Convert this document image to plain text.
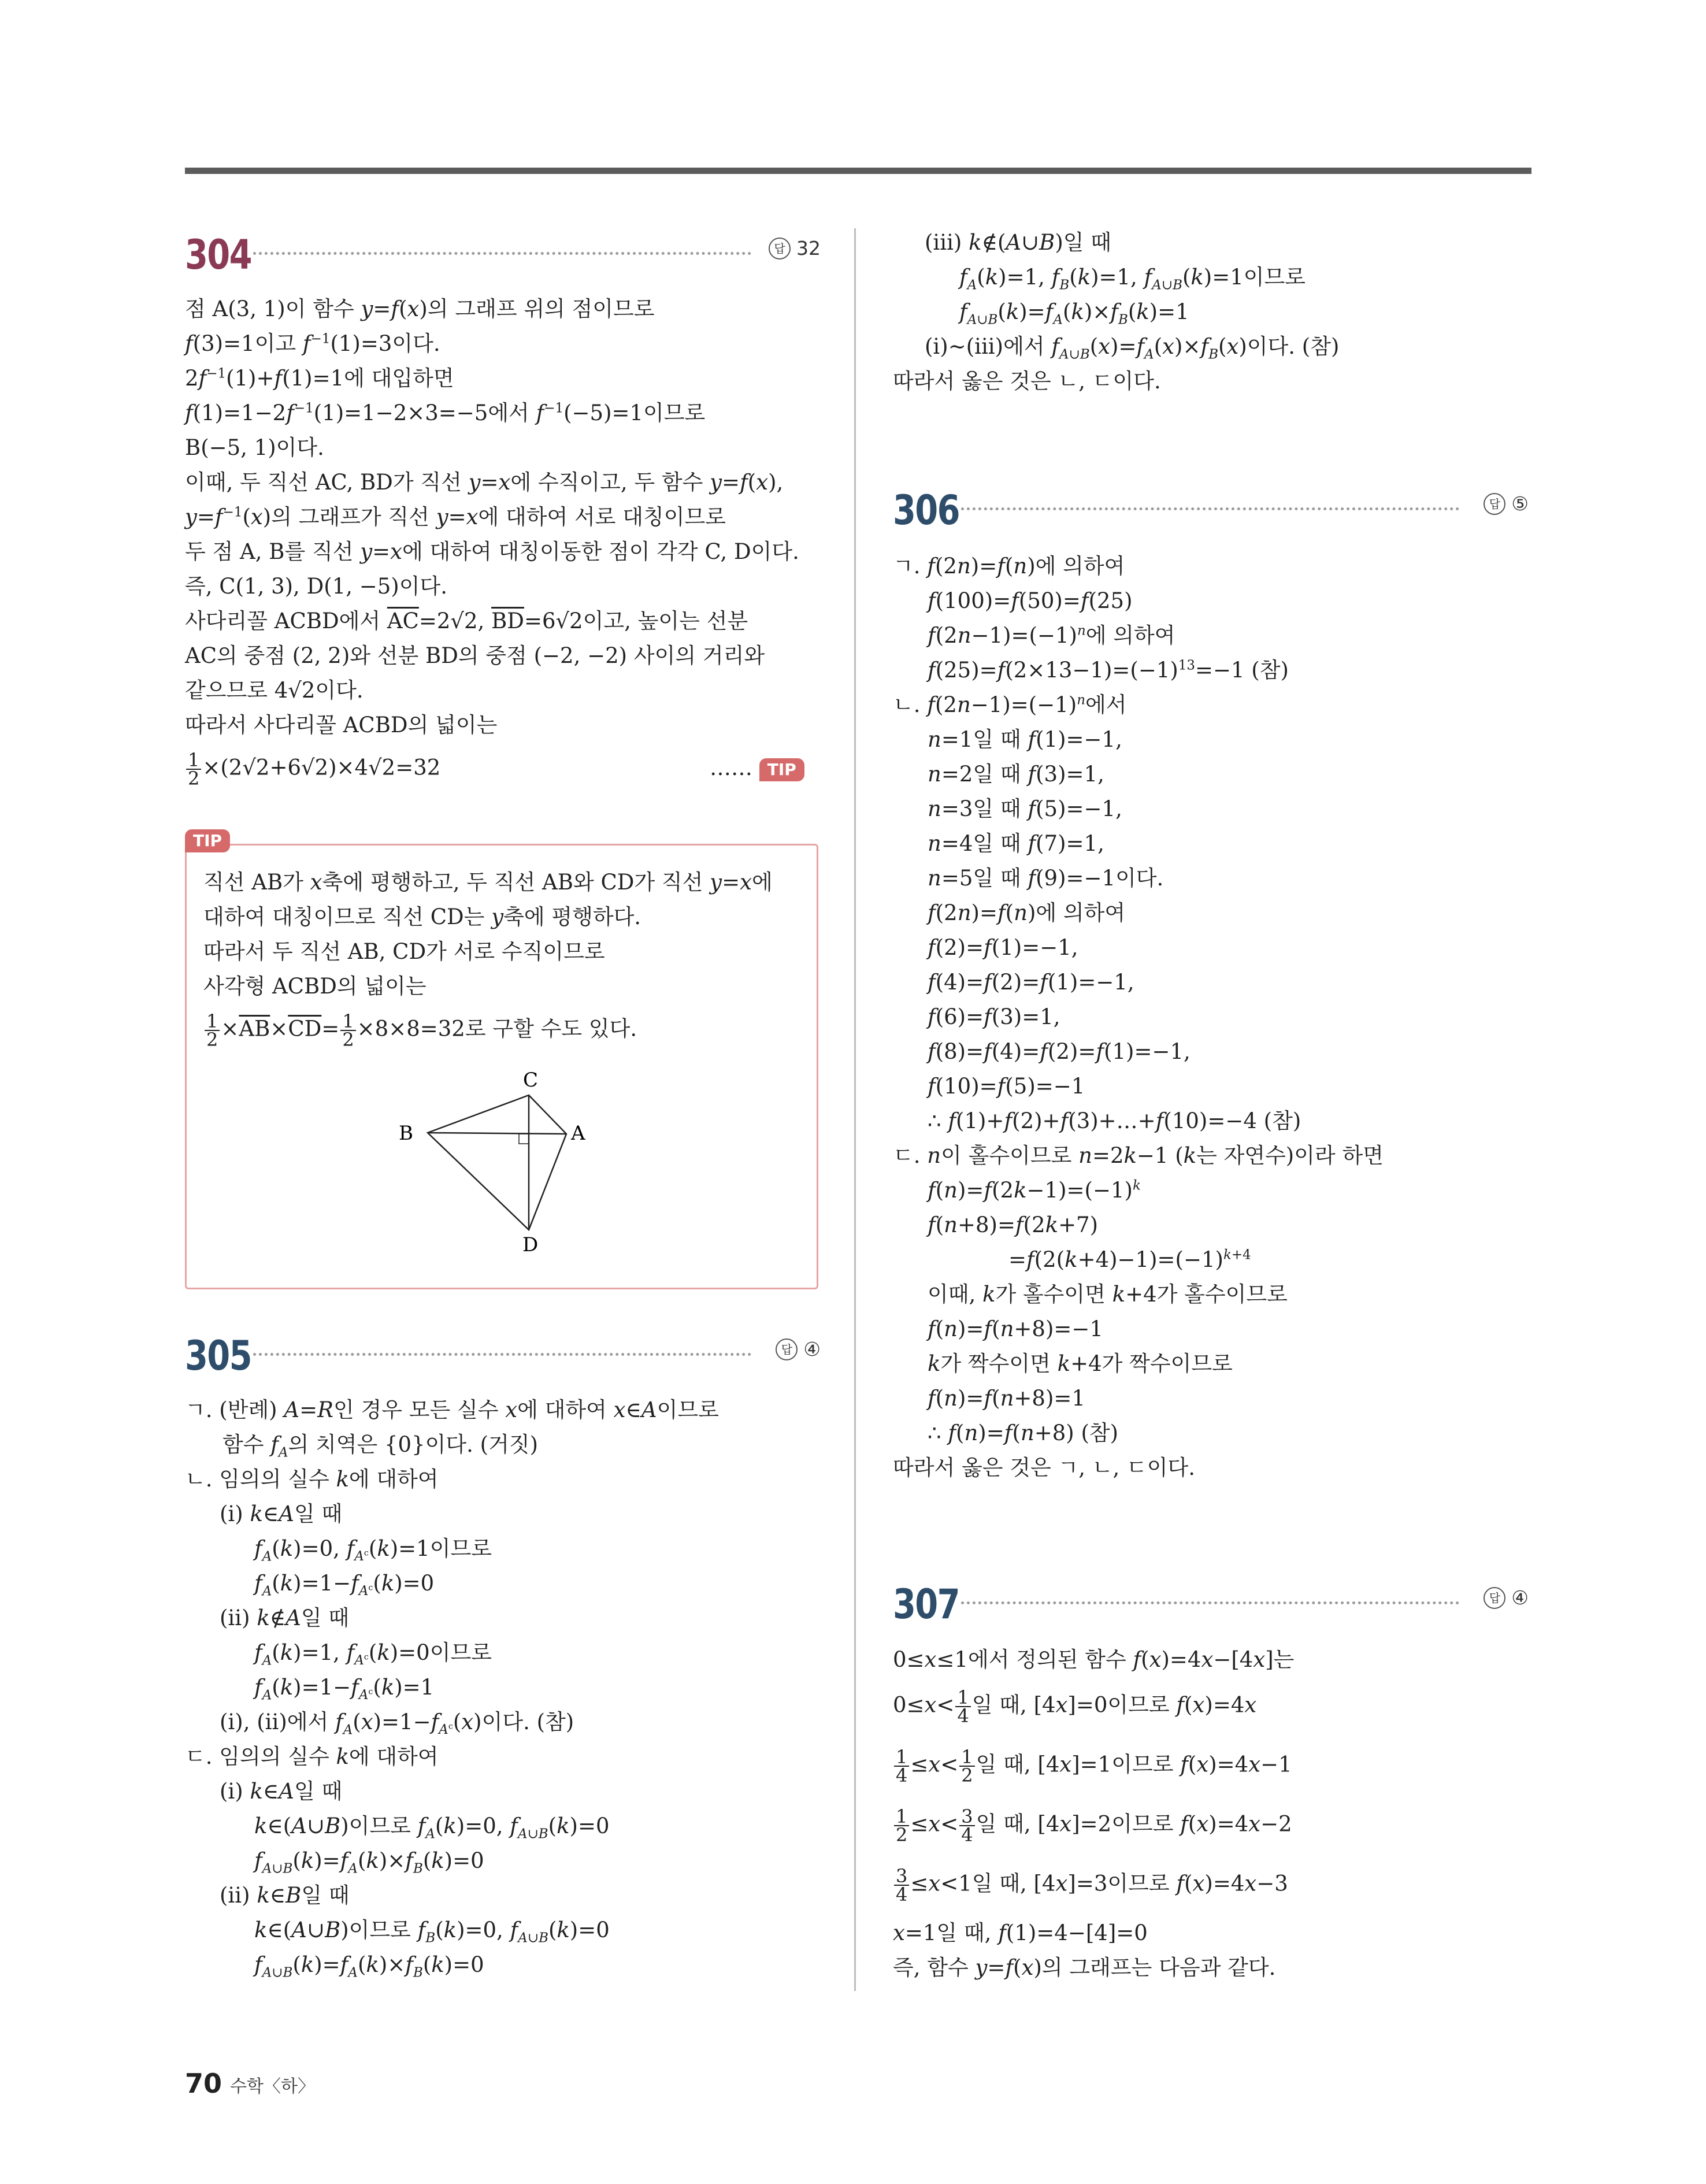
304	답 32
점 A(3, 1)이 함수 y=f(x)의 그래프 위의 점이므로
f(3)=1이고 $f^{-1}(1)=3$이다.
$2f^{-1}(1)+f(1)=1$에 대입하면
$f(1)=1-2f^{-1}(1)=1-2\times 3=-5$에서 $f^{-1}(-5)=1$이므로
B(−5, 1)이다.
이때, 두 직선 AC, BD가 직선 y=x에 수직이고, 두 함수 y=f(x),
$y=f^{-1}(x)$의 그래프가 직선 y=x에 대하여 서로 대칭이므로
두 점 A, B를 직선 y=x에 대하여 대칭이동한 점이 각각 C, D이다.
즉, C(1, 3), D(1, −5)이다.
사다리꼴 ACBD에서 $\overline{AC}=2√2$, $\overline{BD}=6√2$이고, 높이는 선분
AC의 중점 (2, 2)와 선분 BD의 중점 (−2, −2) 사이의 거리와
같으므로 4√2이다.
따라서 사다리꼴 ACBD의 넓이는
$\frac{1}{2} \times(2√2+6√2)\times 4√2=32$	…… TIP
TIP
직선 AB가 x축에 평행하고, 두 직선 AB와 CD가 직선 y=x에
대하여 대칭이므로 직선 CD는 y축에 평행하다.
따라서 두 직선 AB, CD가 서로 수직이므로
사각형 ACBD의 넓이는
$\frac{1}{2} \times\overline{AB}\times\overline{CD}= \frac{1}{2} \times 8\times 8=32$로 구할 수도 있다.
C
B	A
D
305	답 ④
ㄱ. (반례) A=R인 경우 모든 실수 x에 대하여 x∈A이므로
함수 $f_A$의 치역은 {0}이다. (거짓)
ㄴ. 임의의 실수 k에 대하여
(i) k∈A일 때
$f_A(k)=0$, $f_{A^c}(k)=1$이므로
$f_A(k)=1-f_{A^c}(k)=0$
(ii) k∉A일 때
$f_A(k)=1$, $f_{A^c}(k)=0$이므로
$f_A(k)=1-f_{A^c}(k)=1$
(i), (ii)에서 $f_A(x)=1-f_{A^c}(x)$이다. (참)
ㄷ. 임의의 실수 k에 대하여
(i) k∈A일 때
k∈(A∪B)이므로 $f_A(k)=0$, $f_{A\cup B}(k)=0$
$f_{A\cup B}(k)=f_A(k)\times f_B(k)=0$
(ii) k∈B일 때
k∈(A∪B)이므로 $f_B(k)=0$, $f_{A\cup B}(k)=0$
$f_{A\cup B}(k)=f_A(k)\times f_B(k)=0$
(iii) k∉(A∪B)일 때
$f_A(k)=1$, $f_B(k)=1$, $f_{A\cup B}(k)=1$이므로
$f_{A\cup B}(k)=f_A(k)\times f_B(k)=1$
(i)~(iii)에서 $f_{A\cup B}(x)=f_A(x)\times f_B(x)$이다. (참)
따라서 옳은 것은 ㄴ, ㄷ이다.
306	답 ⑤
ㄱ. f(2n)=f(n)에 의하여
f(100)=f(50)=f(25)
$f(2n-1)=(-1)^n$에 의하여
$f(25)=f(2\times 13-1)=(-1)^{13}=-1$ (참)
ㄴ. $f(2n-1)=(-1)^n$에서
n=1일 때 f(1)=−1,
n=2일 때 f(3)=1,
n=3일 때 f(5)=−1,
n=4일 때 f(7)=1,
n=5일 때 f(9)=−1이다.
f(2n)=f(n)에 의하여
f(2)=f(1)=−1,
f(4)=f(2)=f(1)=−1,
f(6)=f(3)=1,
f(8)=f(4)=f(2)=f(1)=−1,
f(10)=f(5)=−1
∴ f(1)+f(2)+f(3)+…+f(10)=−4 (참)
ㄷ. n이 홀수이므로 n=2k−1 (k는 자연수)이라 하면
$f(n)=f(2k-1)=(-1)^k$
f(n+8)=f(2k+7)
$=f(2(k+4)-1)=(-1)^{k+4}$
이때, k가 홀수이면 k+4가 홀수이므로
f(n)=f(n+8)=−1
k가 짝수이면 k+4가 짝수이므로
f(n)=f(n+8)=1
∴ f(n)=f(n+8) (참)
따라서 옳은 것은 ㄱ, ㄴ, ㄷ이다.
307	답 ④
0≤x≤1에서 정의된 함수 f(x)=4x−[4x]는
$0\le x< \frac{1}{4}$ 일 때, [4x]=0이므로 f(x)=4x
$\frac{1}{4} \le x< \frac{1}{2}$ 일 때, [4x]=1이므로 f(x)=4x−1
$\frac{1}{2} \le x< \frac{3}{4}$ 일 때, [4x]=2이므로 f(x)=4x−2
$\frac{3}{4} \le x<1$일 때, [4x]=3이므로 f(x)=4x−3
x=1일 때, f(1)=4−[4]=0
즉, 함수 y=f(x)의 그래프는 다음과 같다.
70 수학〈하〉
